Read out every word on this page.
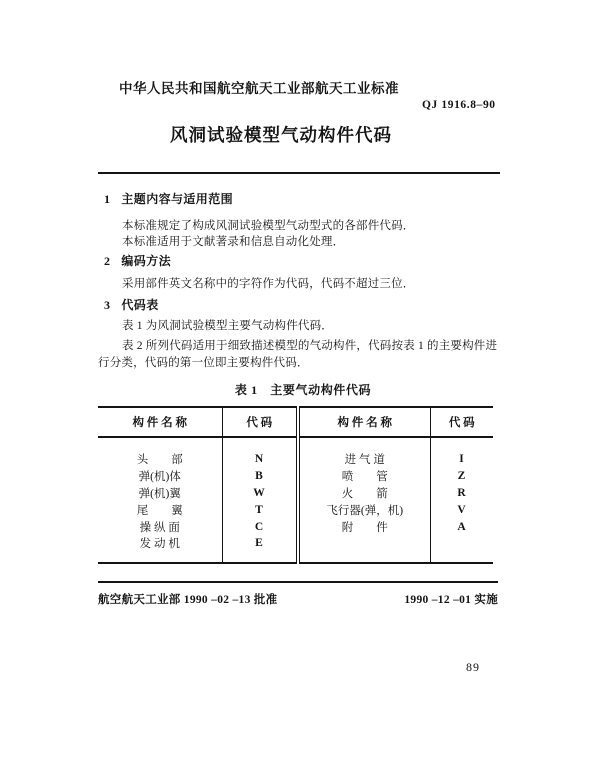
中华人民共和国航空航天工业部航天工业标准
QJ 1916.8–90
风洞试验模型气动构件代码
1 主题内容与适用范围
本标准规定了构成风洞试验模型气动型式的各部件代码．
本标准适用于文献著录和信息自动化处理．
2 编码方法
采用部件英文名称中的字符作为代码，代码不超过三位．
3 代码表
表 1 为风洞试验模型主要气动构件代码．
表 2 所列代码适用于细致描述模型的气动构件，代码按表 1 的主要构件进行分类，代码的第一位即主要构件代码．
表 1　主要气动构件代码
构 件 名 称	代 码	构 件 名 称	代 码
头　　部	N	进 气 道	I
弹(机)体	B	喷　　管	Z
弹(机)翼	W	火　　箭	R
尾　　翼	T	飞行器(弹，机)	V
操 纵 面	C	附　　件	A
发 动 机	E		
航空航天工业部 1990 –02 –13 批准	1990 –12 –01 实施
89
